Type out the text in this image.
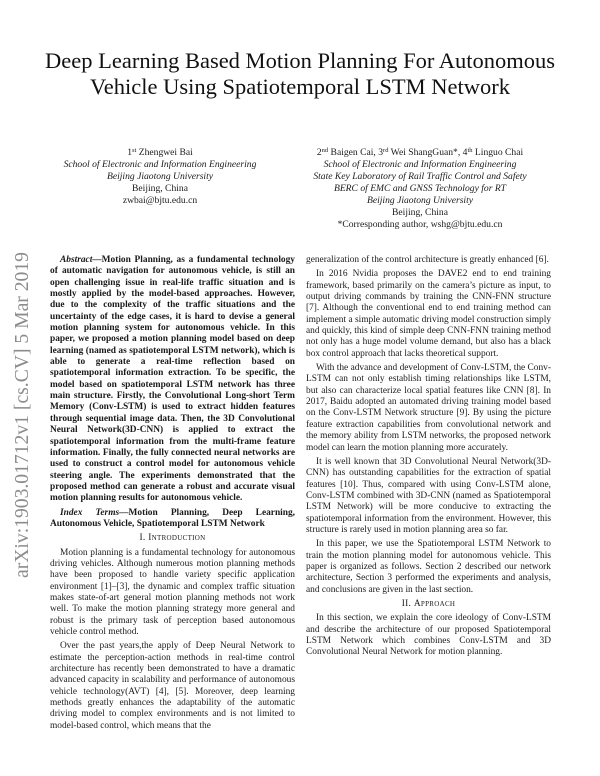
arXiv:1903.01712v1 [cs.CV] 5 Mar 2019
Deep Learning Based Motion Planning For Autonomous Vehicle Using Spatiotemporal LSTM Network
1st Zhengwei Bai
School of Electronic and Information Engineering
Beijing Jiaotong University
Beijing, China
zwbai@bjtu.edu.cn
2nd Baigen Cai, 3rd Wei ShangGuan*, 4th Linguo Chai
School of Electronic and Information Engineering
State Key Laboratory of Rail Traffic Control and Safety
BERC of EMC and GNSS Technology for RT
Beijing Jiaotong University
Beijing, China
*Corresponding author, wshg@bjtu.edu.cn

Abstract—Motion Planning, as a fundamental technology of automatic navigation for autonomous vehicle, is still an open challenging issue in real-life traffic situation and is mostly applied by the model-based approaches. However, due to the complexity of the traffic situations and the uncertainty of the edge cases, it is hard to devise a general motion planning system for autonomous vehicle. In this paper, we proposed a motion planning model based on deep learning (named as spatiotemporal LSTM network), which is able to generate a real-time reflection based on spatiotemporal information extraction. To be specific, the model based on spatiotemporal LSTM network has three main structure. Firstly, the Convolutional Long-short Term Memory (Conv-LSTM) is used to extract hidden features through sequential image data. Then, the 3D Convolutional Neural Network(3D-CNN) is applied to extract the spatiotemporal information from the multi-frame feature information. Finally, the fully connected neural networks are used to construct a control model for autonomous vehicle steering angle. The experiments demonstrated that the proposed method can generate a robust and accurate visual motion planning results for autonomous vehicle.

Index Terms—Motion Planning, Deep Learning, Autonomous Vehicle, Spatiotemporal LSTM Network

I. Introduction

Motion planning is a fundamental technology for autonomous driving vehicles. Although numerous motion planning methods have been proposed to handle variety specific application environment [1]–[3], the dynamic and complex traffic situation makes state-of-art general motion planning methods not work well. To make the motion planning strategy more general and robust is the primary task of perception based autonomous vehicle control method.

Over the past years,the apply of Deep Neural Network to estimate the perception-action methods in real-time control architecture has recently been demonstrated to have a dramatic advanced capacity in scalability and performance of autonomous vehicle technology(AVT) [4], [5]. Moreover, deep learning methods greatly enhances the adaptability of the automatic driving model to complex environments and is not limited to model-based control, which means that the

generalization of the control architecture is greatly enhanced [6].

In 2016 Nvidia proposes the DAVE2 end to end training framework, based primarily on the camera’s picture as input, to output driving commands by training the CNN-FNN structure [7]. Although the conventional end to end training method can implement a simple automatic driving model construction simply and quickly, this kind of simple deep CNN-FNN training method not only has a huge model volume demand, but also has a black box control approach that lacks theoretical support.

With the advance and development of Conv-LSTM, the Conv-LSTM can not only establish timing relationships like LSTM, but also can characterize local spatial features like CNN [8]. In 2017, Baidu adopted an automated driving training model based on the Conv-LSTM Network structure [9]. By using the picture feature extraction capabilities from convolutional network and the memory ability from LSTM networks, the proposed network model can learn the motion planning more accurately.

It is well known that 3D Convolutional Neural Network(3D-CNN) has outstanding capabilities for the extraction of spatial features [10]. Thus, compared with using Conv-LSTM alone, Conv-LSTM combined with 3D-CNN (named as Spatiotemporal LSTM Network) will be more conducive to extracting the spatiotemporal information from the environment. However, this structure is rarely used in motion planning area so far.

In this paper, we use the Spatiotemporal LSTM Network to train the motion planning model for autonomous vehicle. This paper is organized as follows. Section 2 described our network architecture, Section 3 performed the experiments and analysis, and conclusions are given in the last section.

II. Approach

In this section, we explain the core ideology of Conv-LSTM and describe the architecture of our proposed Spatiotemporal LSTM Network which combines Conv-LSTM and 3D Convolutional Neural Network for motion planning.
